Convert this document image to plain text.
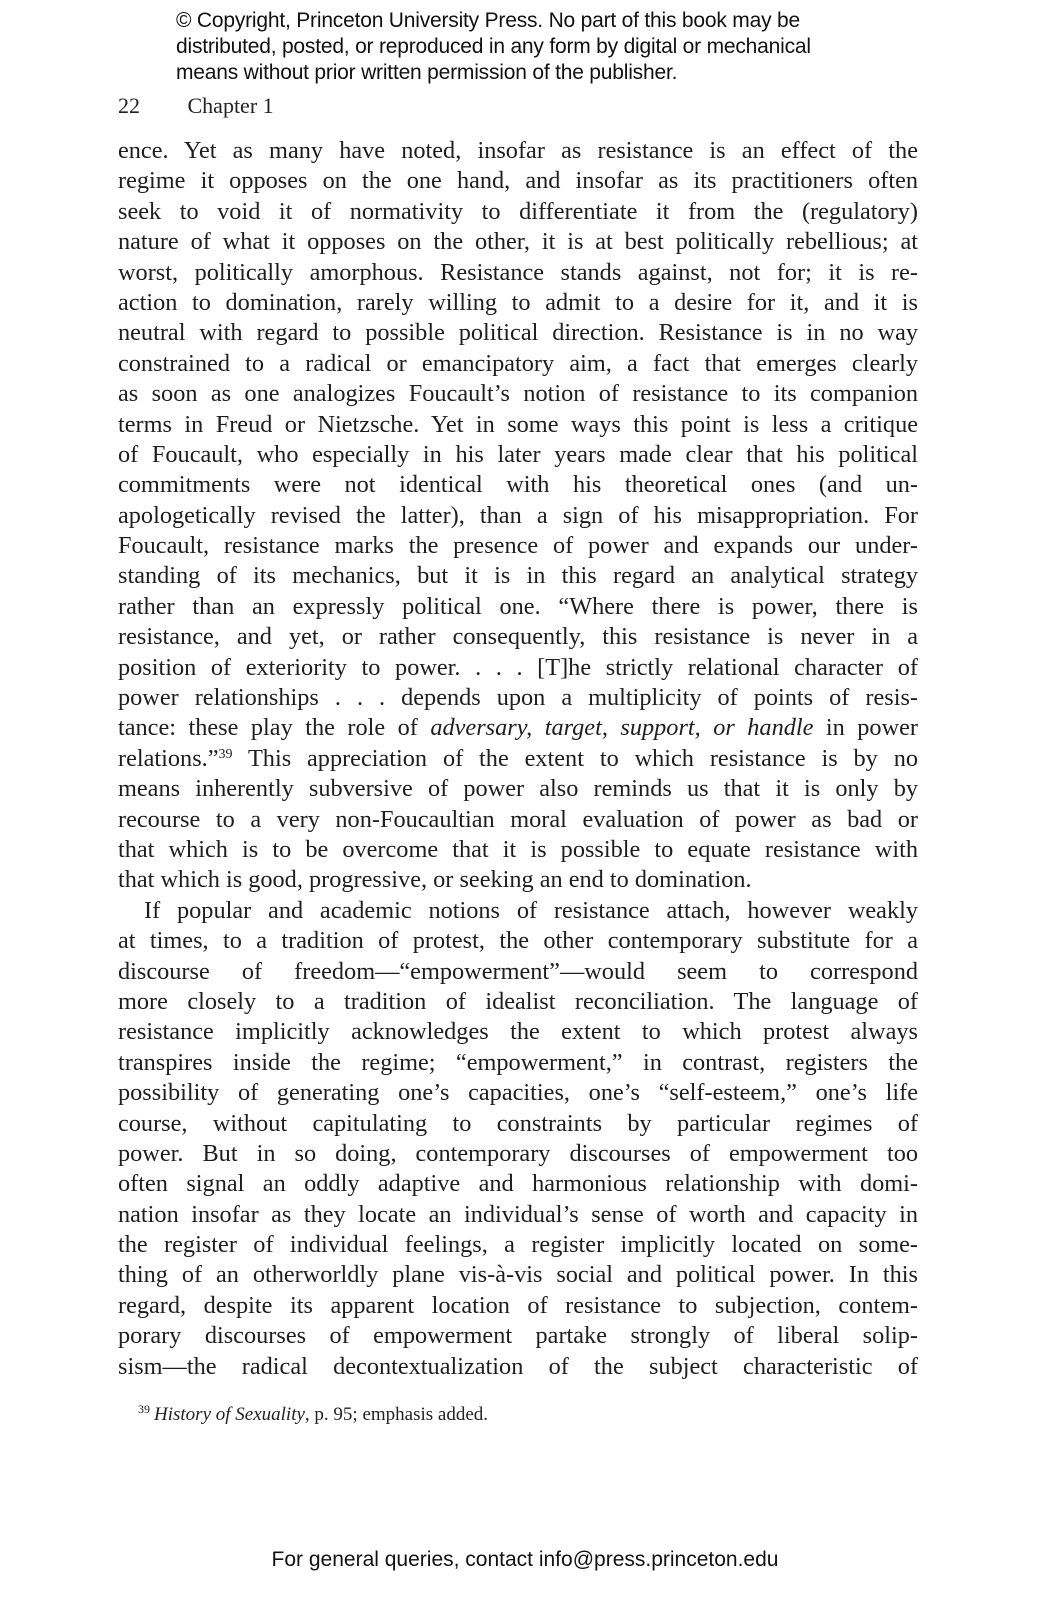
© Copyright, Princeton University Press. No part of this book may be
distributed, posted, or reproduced in any form by digital or mechanical
means without prior written permission of the publisher.
22 Chapter 1
ence. Yet as many have noted, insofar as resistance is an effect of the
regime it opposes on the one hand, and insofar as its practitioners often
seek to void it of normativity to differentiate it from the (regulatory)
nature of what it opposes on the other, it is at best politically rebellious; at
worst, politically amorphous. Resistance stands against, not for; it is re-
action to domination, rarely willing to admit to a desire for it, and it is
neutral with regard to possible political direction. Resistance is in no way
constrained to a radical or emancipatory aim, a fact that emerges clearly
as soon as one analogizes Foucault’s notion of resistance to its companion
terms in Freud or Nietzsche. Yet in some ways this point is less a critique
of Foucault, who especially in his later years made clear that his political
commitments were not identical with his theoretical ones (and un-
apologetically revised the latter), than a sign of his misappropriation. For
Foucault, resistance marks the presence of power and expands our under-
standing of its mechanics, but it is in this regard an analytical strategy
rather than an expressly political one. “Where there is power, there is
resistance, and yet, or rather consequently, this resistance is never in a
position of exteriority to power. . . . [T]he strictly relational character of
power relationships . . . depends upon a multiplicity of points of resis-
tance: these play the role of adversary, target, support, or handle in power
relations.”$^{39}$ This appreciation of the extent to which resistance is by no
means inherently subversive of power also reminds us that it is only by
recourse to a very non-Foucaultian moral evaluation of power as bad or
that which is to be overcome that it is possible to equate resistance with
that which is good, progressive, or seeking an end to domination.
If popular and academic notions of resistance attach, however weakly
at times, to a tradition of protest, the other contemporary substitute for a
discourse of freedom—“empowerment”—would seem to correspond
more closely to a tradition of idealist reconciliation. The language of
resistance implicitly acknowledges the extent to which protest always
transpires inside the regime; “empowerment,” in contrast, registers the
possibility of generating one’s capacities, one’s “self-esteem,” one’s life
course, without capitulating to constraints by particular regimes of
power. But in so doing, contemporary discourses of empowerment too
often signal an oddly adaptive and harmonious relationship with domi-
nation insofar as they locate an individual’s sense of worth and capacity in
the register of individual feelings, a register implicitly located on some-
thing of an otherworldly plane vis-à-vis social and political power. In this
regard, despite its apparent location of resistance to subjection, contem-
porary discourses of empowerment partake strongly of liberal solip-
sism—the radical decontextualization of the subject characteristic of
$^{39}$ History of Sexuality, p. 95; emphasis added.
For general queries, contact info@press.princeton.edu
